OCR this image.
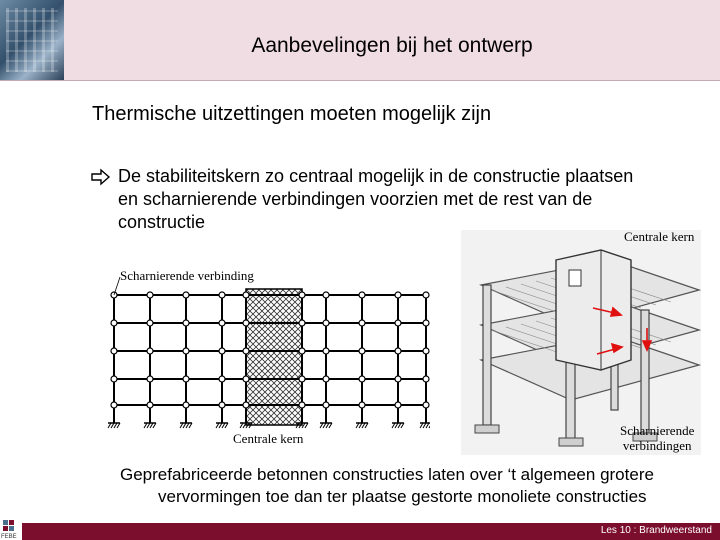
Aanbevelingen bij het ontwerp
Thermische uitzettingen moeten mogelijk zijn
De stabiliteitskern zo centraal mogelijk in de constructie plaatsen
en scharnierende verbindingen voorzien met de rest van de
constructie
Scharnierende verbinding
Centrale kern
Centrale kern
Scharnierende
verbindingen
Geprefabriceerde betonnen constructies laten over ‘t algemeen grotere
vervormingen toe dan ter plaatse gestorte monoliete constructies
FEBE
Les 10 : Brandweerstand
